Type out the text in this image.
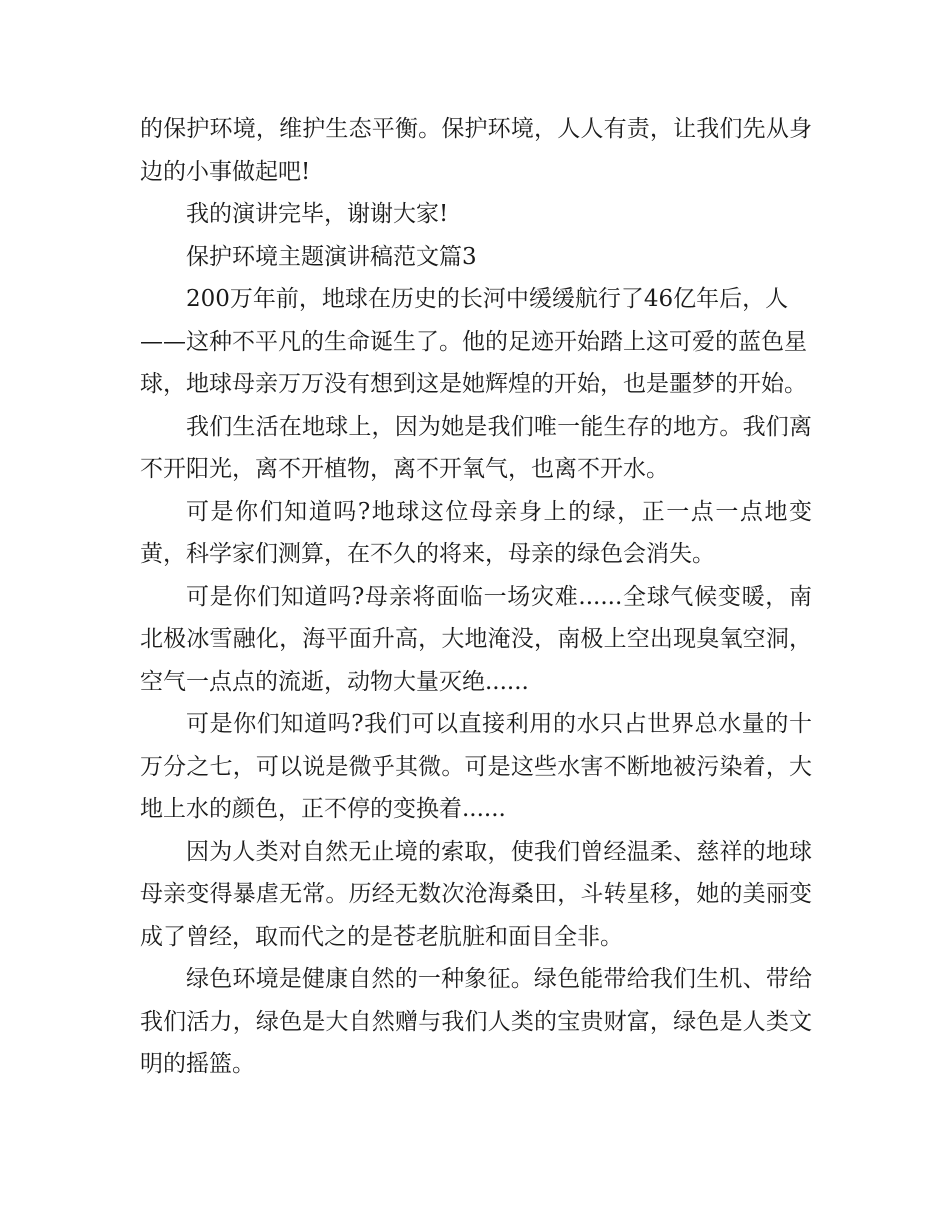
的保护环境，维护生态平衡。保护环境，人人有责，让我们先从身边的小事做起吧!

我的演讲完毕，谢谢大家!

保护环境主题演讲稿范文篇3

200万年前，地球在历史的长河中缓缓航行了46亿年后，人——这种不平凡的生命诞生了。他的足迹开始踏上这可爱的蓝色星球，地球母亲万万没有想到这是她辉煌的开始，也是噩梦的开始。

我们生活在地球上，因为她是我们唯一能生存的地方。我们离不开阳光，离不开植物，离不开氧气，也离不开水。

可是你们知道吗?地球这位母亲身上的绿，正一点一点地变黄，科学家们测算，在不久的将来，母亲的绿色会消失。

可是你们知道吗?母亲将面临一场灾难......全球气候变暖，南北极冰雪融化，海平面升高，大地淹没，南极上空出现臭氧空洞，空气一点点的流逝，动物大量灭绝......

可是你们知道吗?我们可以直接利用的水只占世界总水量的十万分之七，可以说是微乎其微。可是这些水害不断地被污染着，大地上水的颜色，正不停的变换着......

因为人类对自然无止境的索取，使我们曾经温柔、慈祥的地球母亲变得暴虐无常。历经无数次沧海桑田，斗转星移，她的美丽变成了曾经，取而代之的是苍老肮脏和面目全非。

绿色环境是健康自然的一种象征。绿色能带给我们生机、带给我们活力，绿色是大自然赠与我们人类的宝贵财富，绿色是人类文明的摇篮。
